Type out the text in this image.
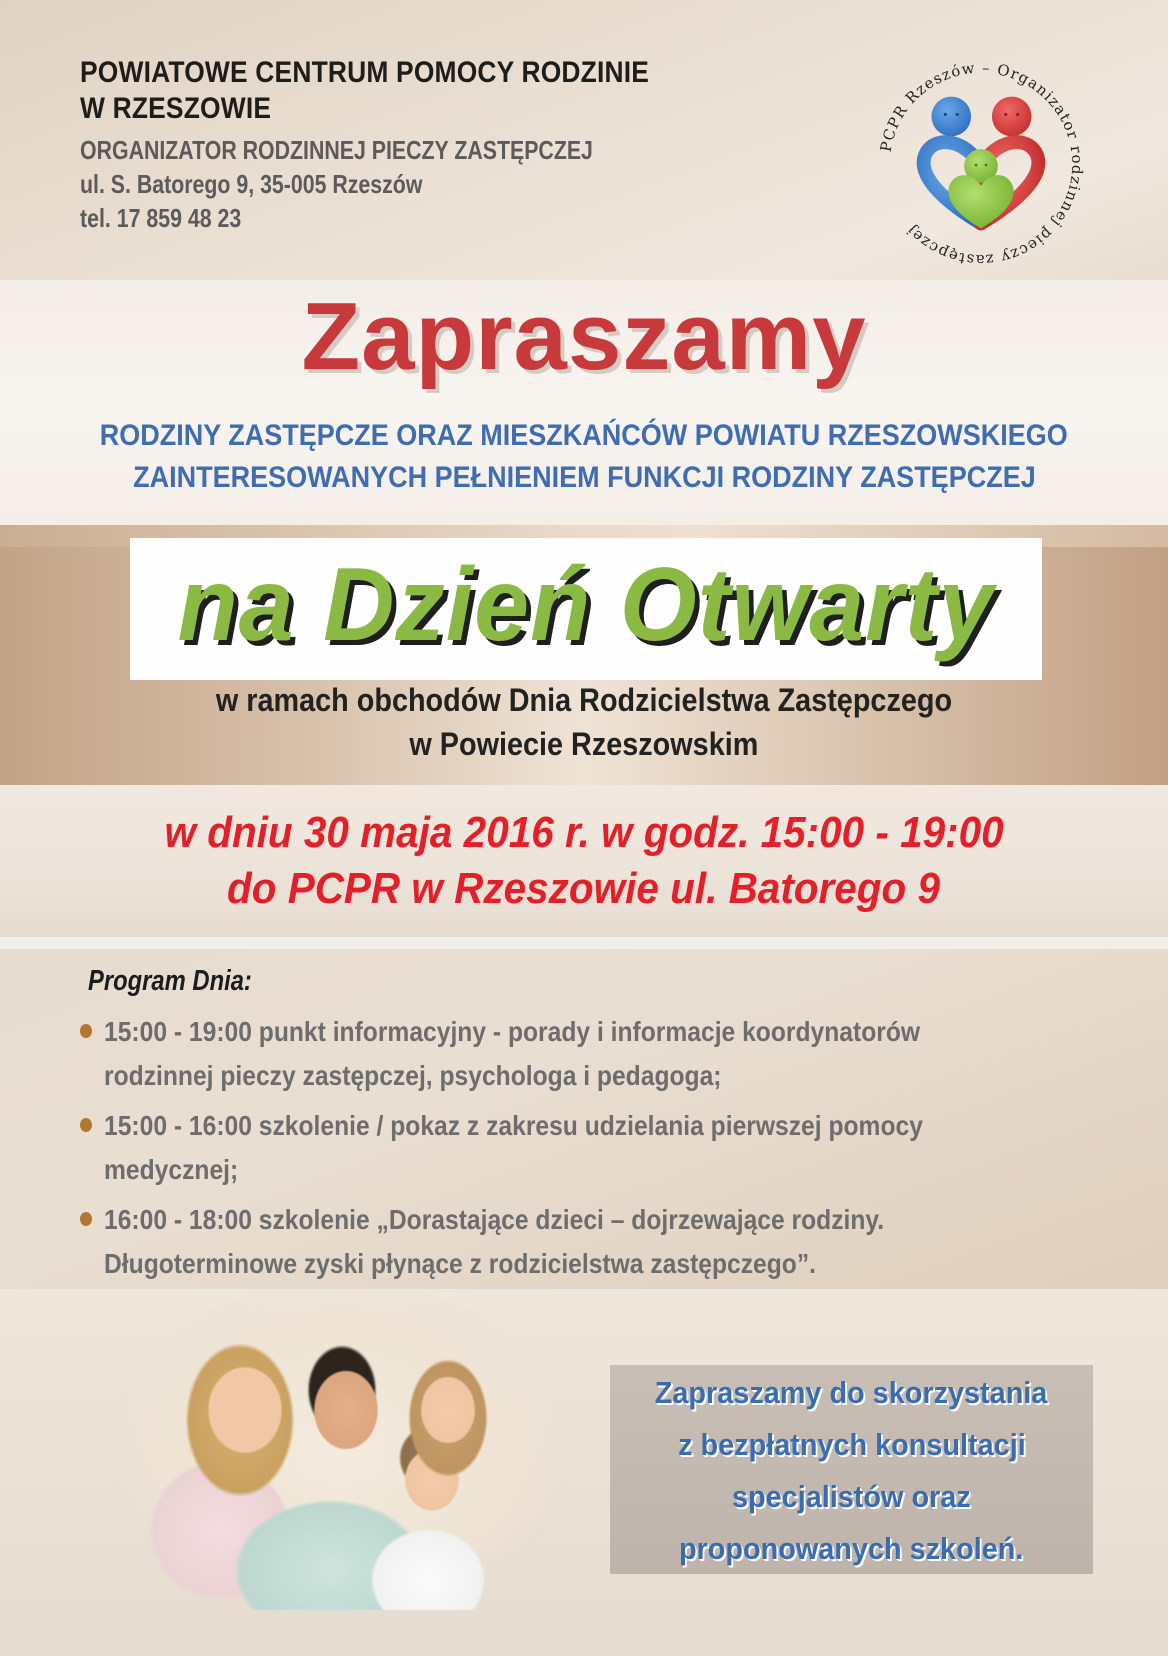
POWIATOWE CENTRUM POMOCY RODZINIE
W RZESZOWIE
ORGANIZATOR RODZINNEJ PIECZY ZASTĘPCZEJ
ul. S. Batorego 9, 35-005 Rzeszów
tel. 17 859 48 23
PCPR Rzeszów – Organizator rodzinnej pieczy zastępczej
Zapraszamy
RODZINY ZASTĘPCZE ORAZ MIESZKAŃCÓW POWIATU RZESZOWSKIEGO
ZAINTERESOWANYCH PEŁNIENIEM FUNKCJI RODZINY ZASTĘPCZEJ
na Dzień Otwarty
w ramach obchodów Dnia Rodzicielstwa Zastępczego
w Powiecie Rzeszowskim
w dniu 30 maja 2016 r. w godz. 15:00 - 19:00
do PCPR w Rzeszowie ul. Batorego 9
Program Dnia:
15:00 - 19:00 punkt informacyjny - porady i informacje koordynatorów
rodzinnej pieczy zastępczej, psychologa i pedagoga;
15:00 - 16:00 szkolenie / pokaz z zakresu udzielania pierwszej pomocy
medycznej;
16:00 - 18:00 szkolenie „Dorastające dzieci – dojrzewające rodziny.
Długoterminowe zyski płynące z rodzicielstwa zastępczego”.
Zapraszamy do skorzystania
z bezpłatnych konsultacji
specjalistów oraz
proponowanych szkoleń.
